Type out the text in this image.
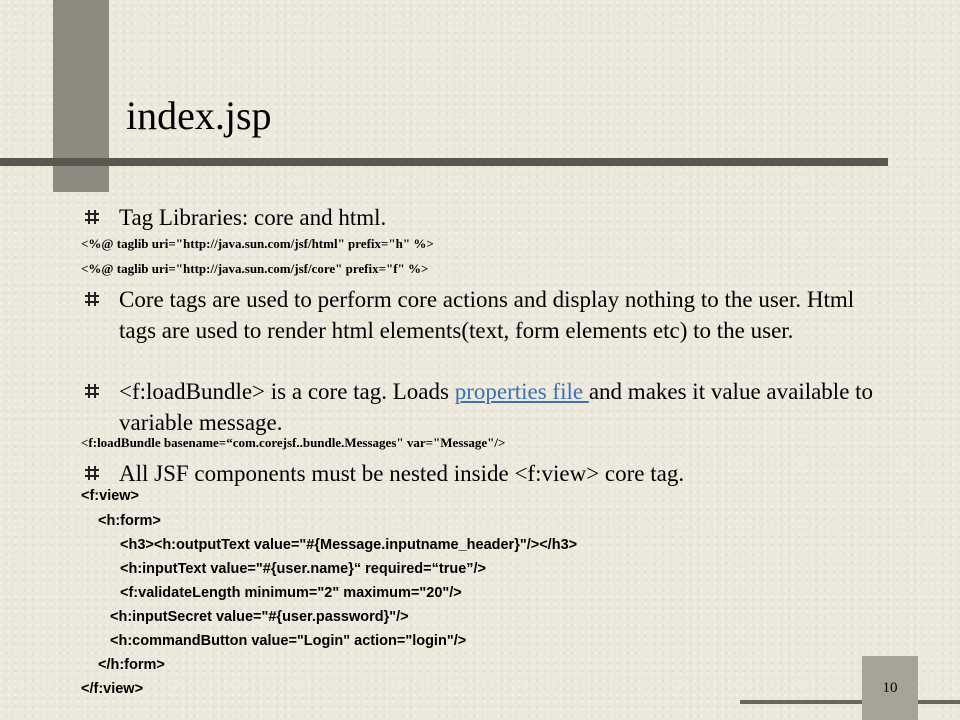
index.jsp
Tag Libraries: core and html.
<%@ taglib uri="http://java.sun.com/jsf/html" prefix="h" %>
<%@ taglib uri="http://java.sun.com/jsf/core" prefix="f" %>
Core tags are used to perform core actions and display nothing to the user. Html tags are used to render html elements(text, form elements etc) to the user.
<f:loadBundle> is a core tag. Loads properties file and makes it value available to variable message.
<f:loadBundle basename=“com.corejsf..bundle.Messages" var="Message"/>
All JSF components must be nested inside <f:view> core tag.
<f:view>
<h:form>
<h3><h:outputText value="#{Message.inputname_header}"/></h3>
<h:inputText value="#{user.name}“ required=“true”/>
<f:validateLength minimum="2" maximum="20"/>
<h:inputSecret value="#{user.password}"/>
<h:commandButton value="Login" action="login"/>
</h:form>
</f:view>	10
